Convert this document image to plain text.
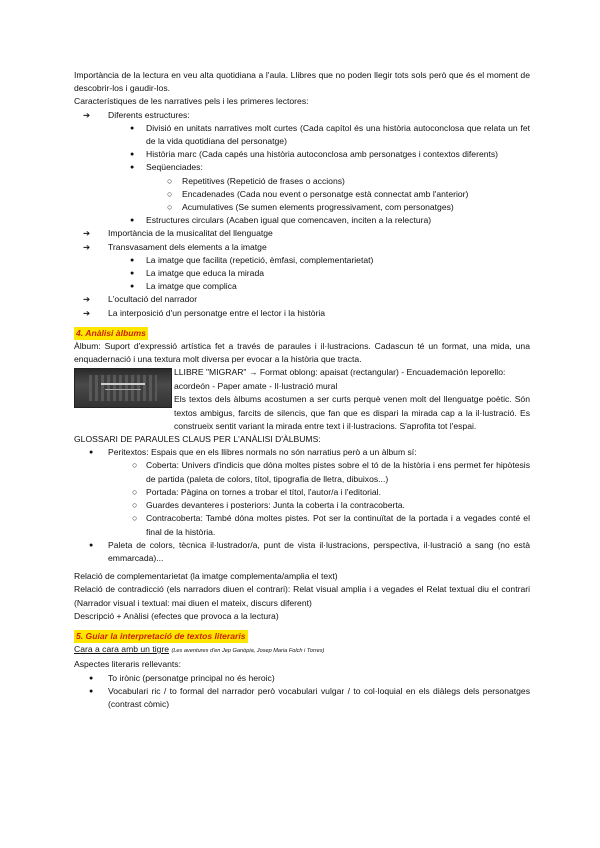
Importància de la lectura en veu alta quotidiana a l'aula. Llibres que no poden llegir tots sols però que és el moment de descobrir-los i gaudir-los.

Característiques de les narratives pels i les primeres lectores:

➔ Diferents estructures:
● Divisió en unitats narratives molt curtes (Cada capítol és una història autoconclosa que relata un fet de la vida quotidiana del personatge)
● Història marc (Cada capés una història autoconclosa amb personatges i contextos diferents)
● Seqüenciades:
○ Repetitives (Repetició de frases o accions)
○ Encadenades (Cada nou event o personatge està connectat amb l'anterior)
○ Acumulatives (Se sumen elements progressivament, com personatges)
● Estructures circulars (Acaben igual que comencaven, inciten a la relectura)
➔ Importància de la musicalitat del llenguatge
➔ Transvasament dels elements a la imatge
● La imatge que facilita (repetició, èmfasi, complementarietat)
● La imatge que educa la mirada
● La imatge que complica
➔ L'ocultació del narrador
➔ La interposició d'un personatge entre el lector i la història

4. Anàlisi àlbums

Àlbum: Suport d'expressió artística fet a través de paraules i il·lustracions. Cadascun té un format, una mida, una enquadernació i una textura molt diversa per evocar a la història que tracta.

LLIBRE "MIGRAR" → Format oblong: apaisat (rectangular) - Encuademación leporello: acordeón - Paper amate - Il·lustració mural

Els textos dels àlbums acostumen a ser curts perquè venen molt del llenguatge poètic. Són textos ambigus, farcits de silencis, que fan que es dispari la mirada cap a la il·lustració. Es construeix sentit variant la mirada entre text i il·lustracions. S'aprofita tot l'espai.

GLOSSARI DE PARAULES CLAUS PER L'ANÀLISI D'ÀLBUMS:

● Peritextos: Espais que en els llibres normals no són narratius però a un àlbum sí:
○ Coberta: Univers d'indicis que dóna moltes pistes sobre el tó de la història i ens permet fer hipòtesis de partida (paleta de colors, títol, tipografia de lletra, dibuixos...)
○ Portada: Pàgina on tornes a trobar el títol, l'autor/a i l'editorial.
○ Guardes devanteres i posteriors: Junta la coberta i la contracoberta.
○ Contracoberta: També dóna moltes pistes. Pot ser la continuïtat de la portada i a vegades conté el final de la història.
● Paleta de colors, tècnica il·lustrador/a, punt de vista il·lustracions, perspectiva, il·lustració a sang (no està emmarcada)...

Relació de complementarietat (la imatge complementa/amplia el text)

Relació de contradicció (els narradors diuen el contrari): Relat visual amplia i a vegades el Relat textual diu el contrari (Narrador visual i textual: mai diuen el mateix, discurs diferent)

Descripció + Anàlisi (efectes que provoca a la lectura)

5. Guiar la interpretació de textos literaris

Cara a cara amb un tigre (Les aventures d'en Jep Ganòpia, Josep Maria Folch i Torres)

Aspectes literaris rellevants:

● To irònic (personatge principal no és heroic)
● Vocabulari ric / to formal del narrador però vocabulari vulgar / to col·loquial en els diàlegs dels personatges (contrast còmic)
